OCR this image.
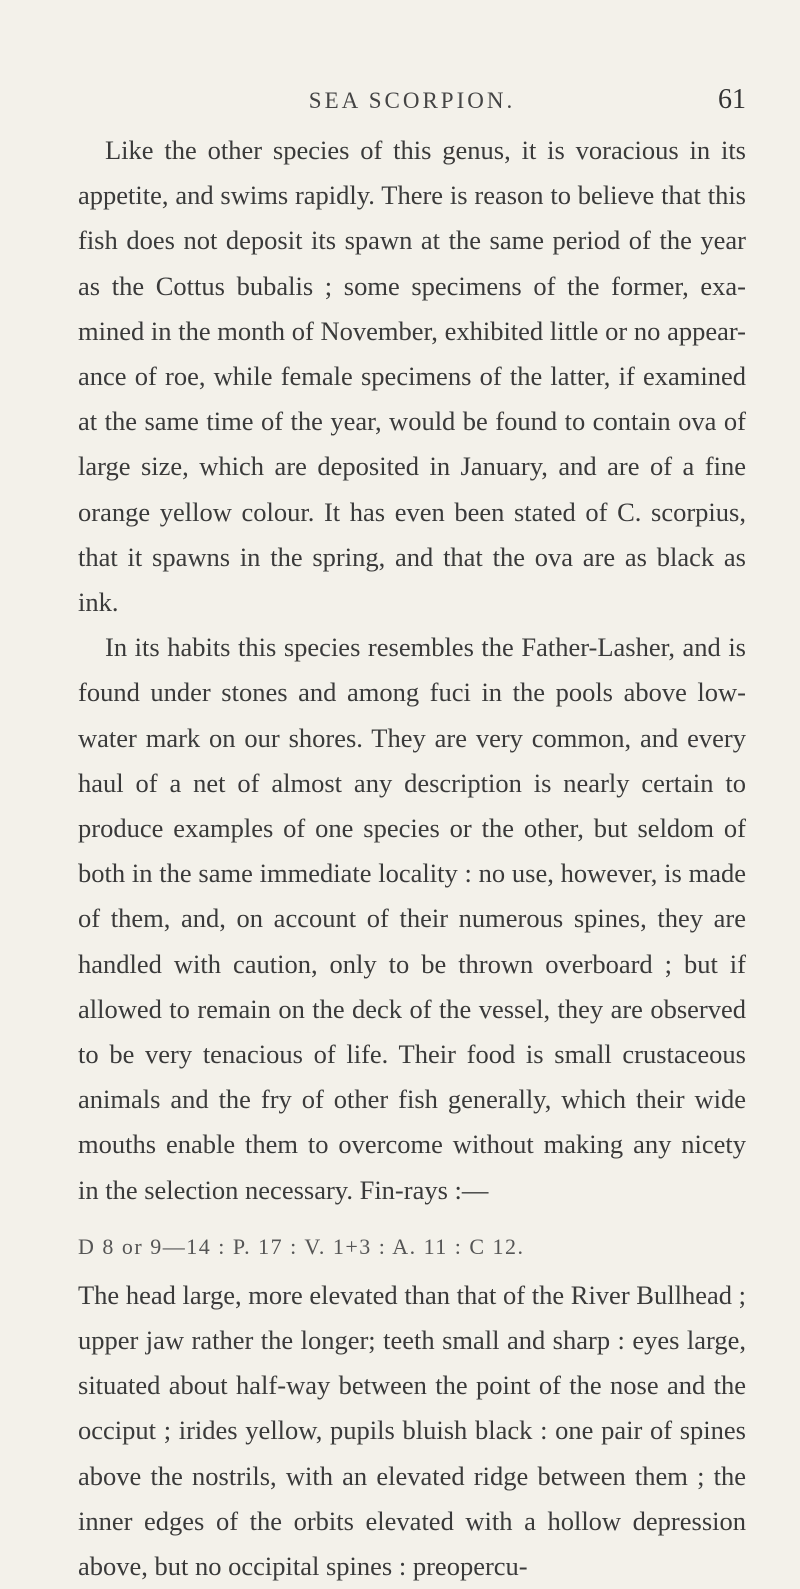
SEA SCORPION.	61

Like the other species of this genus, it is voracious in its appetite, and swims rapidly. There is reason to believe that this fish does not deposit its spawn at the same period of the year as the Cottus bubalis ; some specimens of the former, exa- mined in the month of November, exhibited little or no appear- ance of roe, while female specimens of the latter, if examined at the same time of the year, would be found to contain ova of large size, which are deposited in January, and are of a fine orange yellow colour. It has even been stated of C. scorpius, that it spawns in the spring, and that the ova are as black as ink.

In its habits this species resembles the Father-Lasher, and is found under stones and among fuci in the pools above low- water mark on our shores. They are very common, and every haul of a net of almost any description is nearly certain to produce examples of one species or the other, but seldom of both in the same immediate locality : no use, however, is made of them, and, on account of their numerous spines, they are handled with caution, only to be thrown overboard ; but if allowed to remain on the deck of the vessel, they are observed to be very tenacious of life. Their food is small crustaceous animals and the fry of other fish generally, which their wide mouths enable them to overcome without making any nicety in the selection necessary. Fin-rays :—

D 8 or 9—14 : P. 17 : V. 1+3 : A. 11 : C 12.

The head large, more elevated than that of the River Bullhead ; upper jaw rather the longer; teeth small and sharp : eyes large, situated about half-way between the point of the nose and the occiput ; irides yellow, pupils bluish black : one pair of spines above the nostrils, with an elevated ridge between them ; the inner edges of the orbits elevated with a hollow depression above, but no occipital spines : preopercu-
